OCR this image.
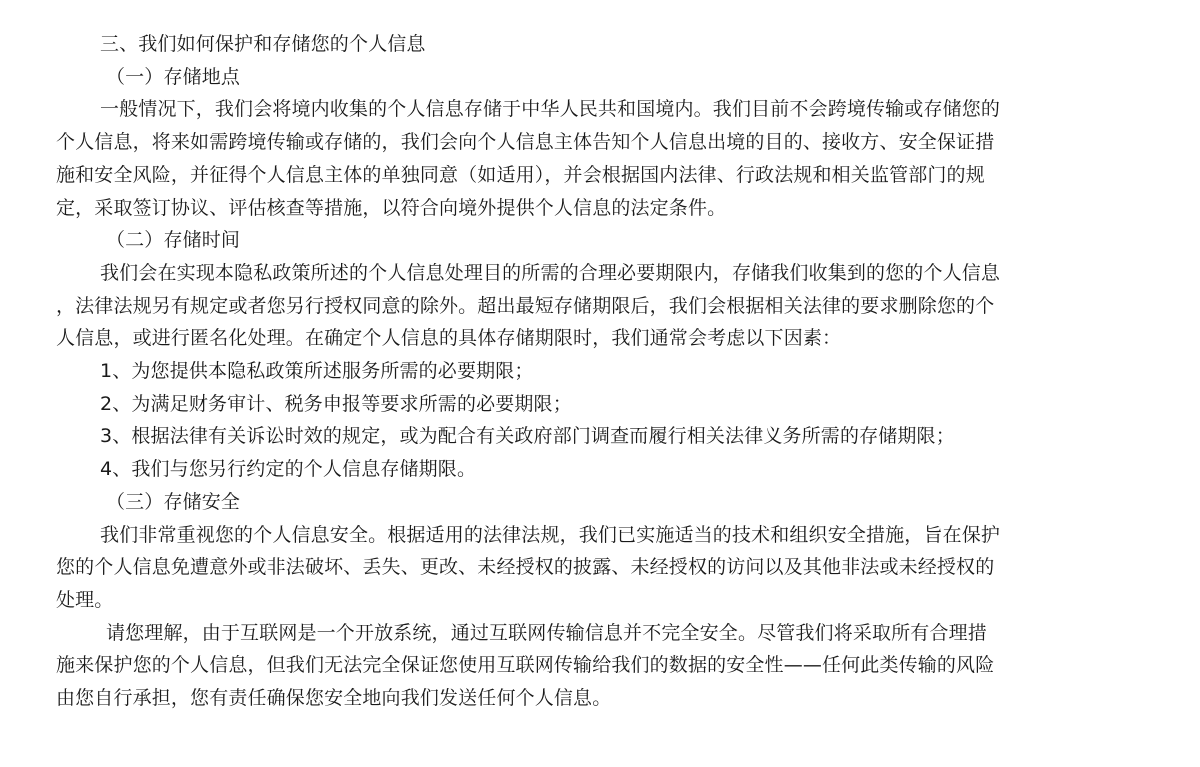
三、我们如何保护和存储您的个人信息
（一）存储地点
一般情况下，我们会将境内收集的个人信息存储于中华人民共和国境内。我们目前不会跨境传输或存储您的
个人信息，将来如需跨境传输或存储的，我们会向个人信息主体告知个人信息出境的目的、接收方、安全保证措
施和安全风险，并征得个人信息主体的单独同意（如适用），并会根据国内法律、行政法规和相关监管部门的规
定，采取签订协议、评估核查等措施，以符合向境外提供个人信息的法定条件。
（二）存储时间
我们会在实现本隐私政策所述的个人信息处理目的所需的合理必要期限内，存储我们收集到的您的个人信息
，法律法规另有规定或者您另行授权同意的除外。超出最短存储期限后，我们会根据相关法律的要求删除您的个
人信息，或进行匿名化处理。在确定个人信息的具体存储期限时，我们通常会考虑以下因素：
1、为您提供本隐私政策所述服务所需的必要期限；
2、为满足财务审计、税务申报等要求所需的必要期限；
3、根据法律有关诉讼时效的规定，或为配合有关政府部门调查而履行相关法律义务所需的存储期限；
4、我们与您另行约定的个人信息存储期限。
（三）存储安全
我们非常重视您的个人信息安全。根据适用的法律法规，我们已实施适当的技术和组织安全措施，旨在保护
您的个人信息免遭意外或非法破坏、丢失、更改、未经授权的披露、未经授权的访问以及其他非法或未经授权的
处理。
请您理解，由于互联网是一个开放系统，通过互联网传输信息并不完全安全。尽管我们将采取所有合理措
施来保护您的个人信息，但我们无法完全保证您使用互联网传输给我们的数据的安全性——任何此类传输的风险
由您自行承担，您有责任确保您安全地向我们发送任何个人信息。
